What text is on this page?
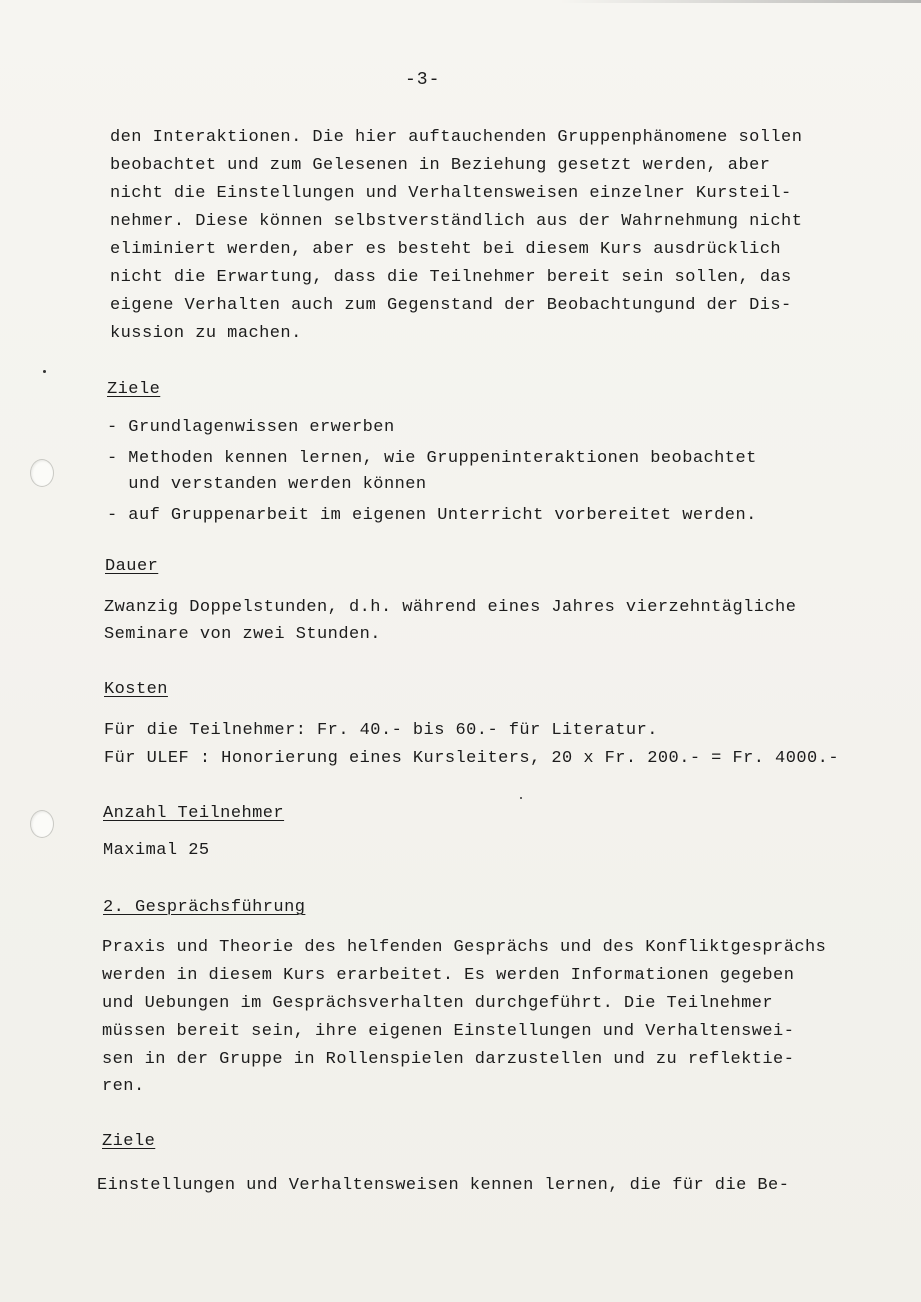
-3-

den Interaktionen. Die hier auftauchenden Gruppenphänomene sollen

beobachtet und zum Gelesenen in Beziehung gesetzt werden, aber

nicht die Einstellungen und Verhaltensweisen einzelner Kursteil-

nehmer. Diese können selbstverständlich aus der Wahrnehmung nicht

eliminiert werden, aber es besteht bei diesem Kurs ausdrücklich

nicht die Erwartung, dass die Teilnehmer bereit sein sollen, das

eigene Verhalten auch zum Gegenstand der Beobachtungund der Dis-

kussion zu machen.

Ziele

- Grundlagenwissen erwerben

- Methoden kennen lernen, wie Gruppeninteraktionen beobachtet

und verstanden werden können

- auf Gruppenarbeit im eigenen Unterricht vorbereitet werden.

Dauer

Zwanzig Doppelstunden, d.h. während eines Jahres vierzehntägliche

Seminare von zwei Stunden.

Kosten

Für die Teilnehmer: Fr. 40.- bis 60.- für Literatur.

Für ULEF : Honorierung eines Kursleiters, 20 x Fr. 200.- = Fr. 4000.-

Anzahl Teilnehmer

Maximal 25

2. Gesprächsführung

Praxis und Theorie des helfenden Gesprächs und des Konfliktgesprächs

werden in diesem Kurs erarbeitet. Es werden Informationen gegeben

und Uebungen im Gesprächsverhalten durchgeführt. Die Teilnehmer

müssen bereit sein, ihre eigenen Einstellungen und Verhaltenswei-

sen in der Gruppe in Rollenspielen darzustellen und zu reflektie-

ren.

Ziele

Einstellungen und Verhaltensweisen kennen lernen, die für die Be-
